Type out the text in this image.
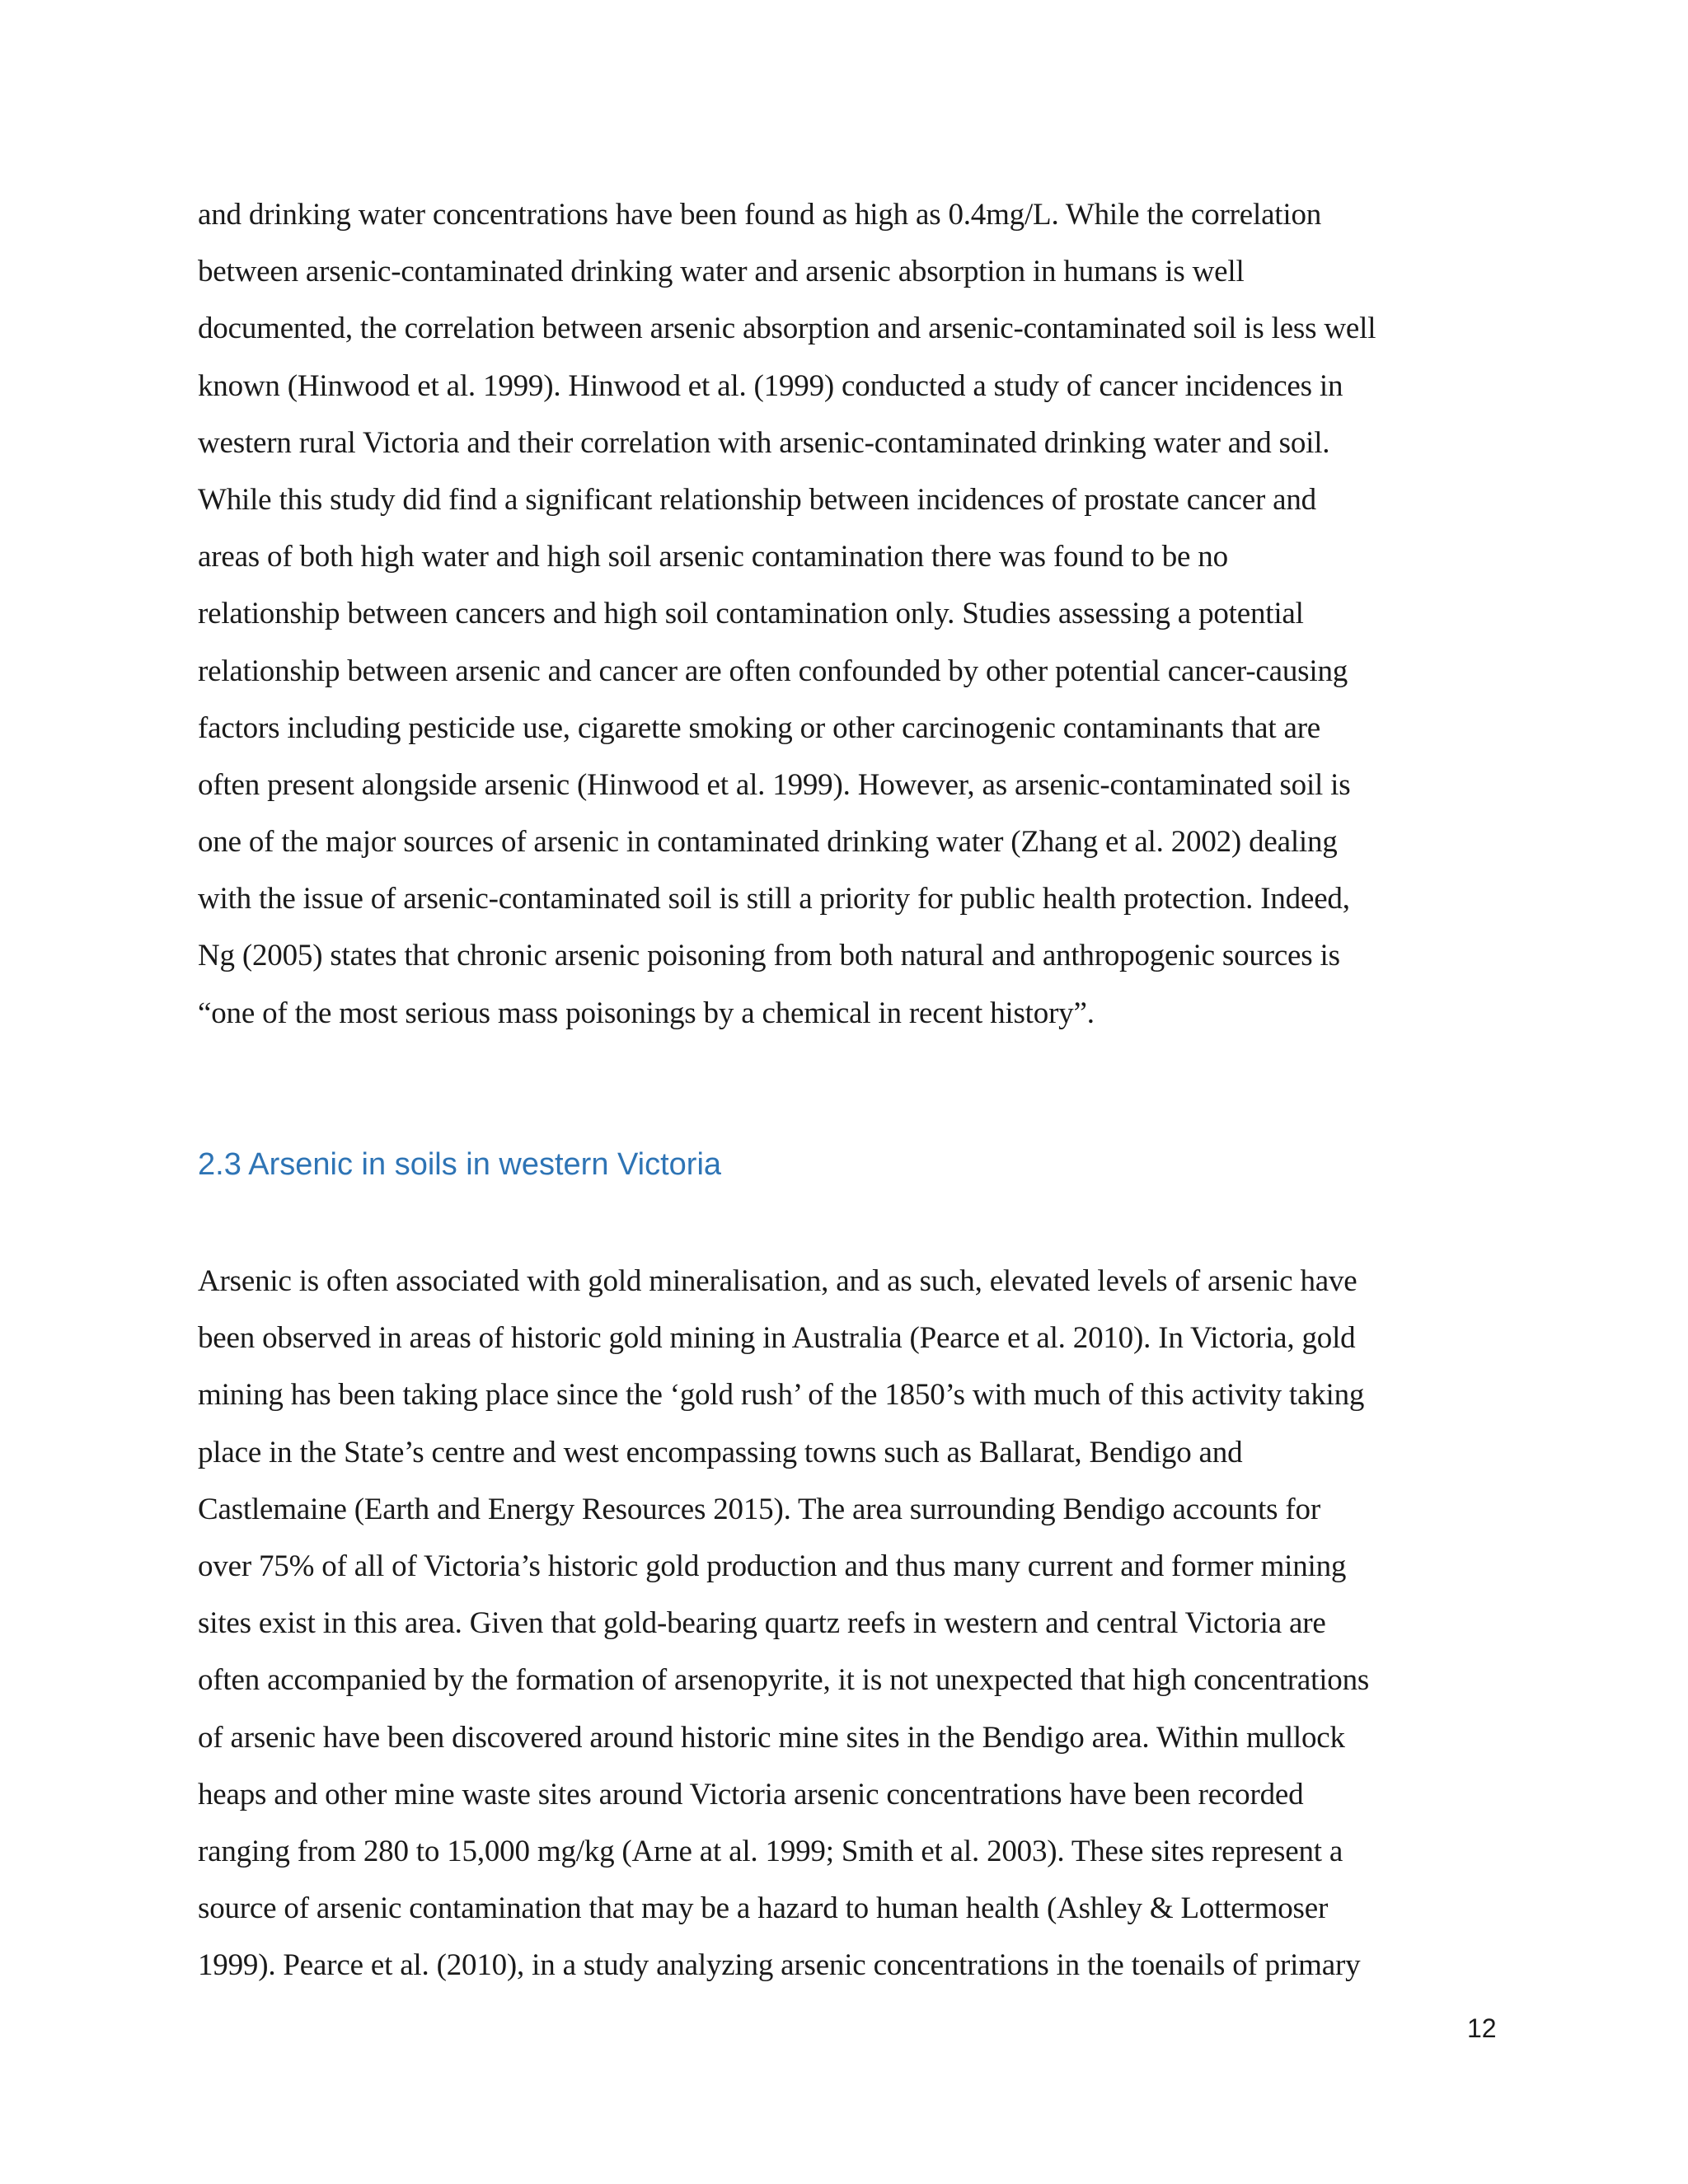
and drinking water concentrations have been found as high as 0.4mg/L. While the correlation
between arsenic-contaminated drinking water and arsenic absorption in humans is well
documented, the correlation between arsenic absorption and arsenic-contaminated soil is less well
known (Hinwood et al. 1999). Hinwood et al. (1999) conducted a study of cancer incidences in
western rural Victoria and their correlation with arsenic-contaminated drinking water and soil.
While this study did find a significant relationship between incidences of prostate cancer and
areas of both high water and high soil arsenic contamination there was found to be no
relationship between cancers and high soil contamination only. Studies assessing a potential
relationship between arsenic and cancer are often confounded by other potential cancer-causing
factors including pesticide use, cigarette smoking or other carcinogenic contaminants that are
often present alongside arsenic (Hinwood et al. 1999). However, as arsenic-contaminated soil is
one of the major sources of arsenic in contaminated drinking water (Zhang et al. 2002) dealing
with the issue of arsenic-contaminated soil is still a priority for public health protection. Indeed,
Ng (2005) states that chronic arsenic poisoning from both natural and anthropogenic sources is
“one of the most serious mass poisonings by a chemical in recent history”.
2.3 Arsenic in soils in western Victoria
Arsenic is often associated with gold mineralisation, and as such, elevated levels of arsenic have
been observed in areas of historic gold mining in Australia (Pearce et al. 2010). In Victoria, gold
mining has been taking place since the ‘gold rush’ of the 1850’s with much of this activity taking
place in the State’s centre and west encompassing towns such as Ballarat, Bendigo and
Castlemaine (Earth and Energy Resources 2015). The area surrounding Bendigo accounts for
over 75% of all of Victoria’s historic gold production and thus many current and former mining
sites exist in this area. Given that gold-bearing quartz reefs in western and central Victoria are
often accompanied by the formation of arsenopyrite, it is not unexpected that high concentrations
of arsenic have been discovered around historic mine sites in the Bendigo area. Within mullock
heaps and other mine waste sites around Victoria arsenic concentrations have been recorded
ranging from 280 to 15,000 mg/kg (Arne at al. 1999; Smith et al. 2003). These sites represent a
source of arsenic contamination that may be a hazard to human health (Ashley & Lottermoser
1999). Pearce et al. (2010), in a study analyzing arsenic concentrations in the toenails of primary
12
